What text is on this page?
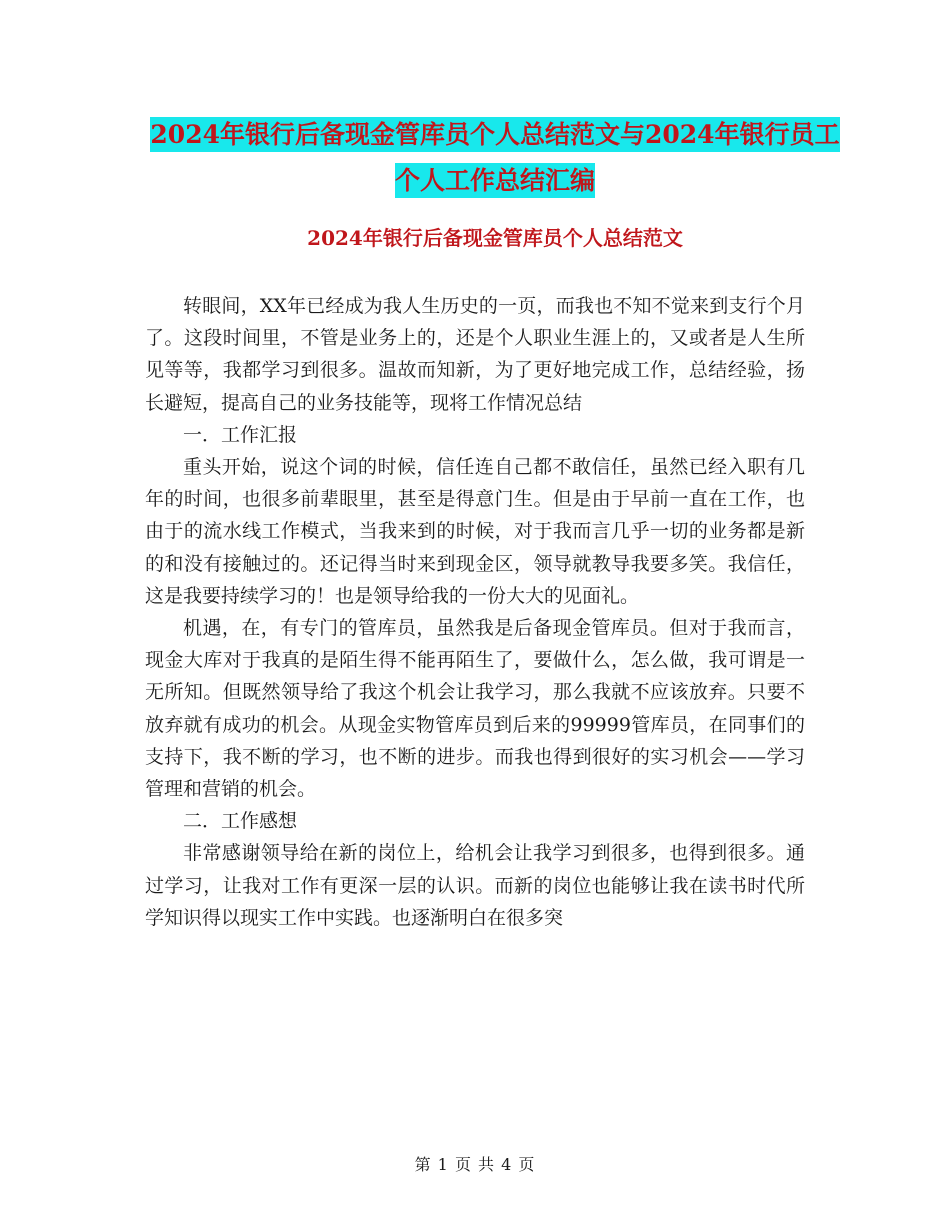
2024年银行后备现金管库员个人总结范文与2024年银行员工个人工作总结汇编
2024年银行后备现金管库员个人总结范文

转眼间，XX年已经成为我人生历史的一页，而我也不知不觉来到支行个月了。这段时间里，不管是业务上的，还是个人职业生涯上的，又或者是人生所见等等，我都学习到很多。温故而知新，为了更好地完成工作，总结经验，扬长避短，提高自己的业务技能等，现将工作情况总结

一．工作汇报

重头开始，说这个词的时候，信任连自己都不敢信任，虽然已经入职有几年的时间，也很多前辈眼里，甚至是得意门生。但是由于早前一直在工作，也由于的流水线工作模式，当我来到的时候，对于我而言几乎一切的业务都是新的和没有接触过的。还记得当时来到现金区，领导就教导我要多笑。我信任，这是我要持续学习的！也是领导给我的一份大大的见面礼。

机遇，在，有专门的管库员，虽然我是后备现金管库员。但对于我而言，现金大库对于我真的是陌生得不能再陌生了，要做什么，怎么做，我可谓是一无所知。但既然领导给了我这个机会让我学习，那么我就不应该放弃。只要不放弃就有成功的机会。从现金实物管库员到后来的99999管库员，在同事们的支持下，我不断的学习，也不断的进步。而我也得到很好的实习机会——学习管理和营销的机会。

二．工作感想

非常感谢领导给在新的岗位上，给机会让我学习到很多，也得到很多。通过学习，让我对工作有更深一层的认识。而新的岗位也能够让我在读书时代所学知识得以现实工作中实践。也逐渐明白在很多突

第 1 页 共 4 页
